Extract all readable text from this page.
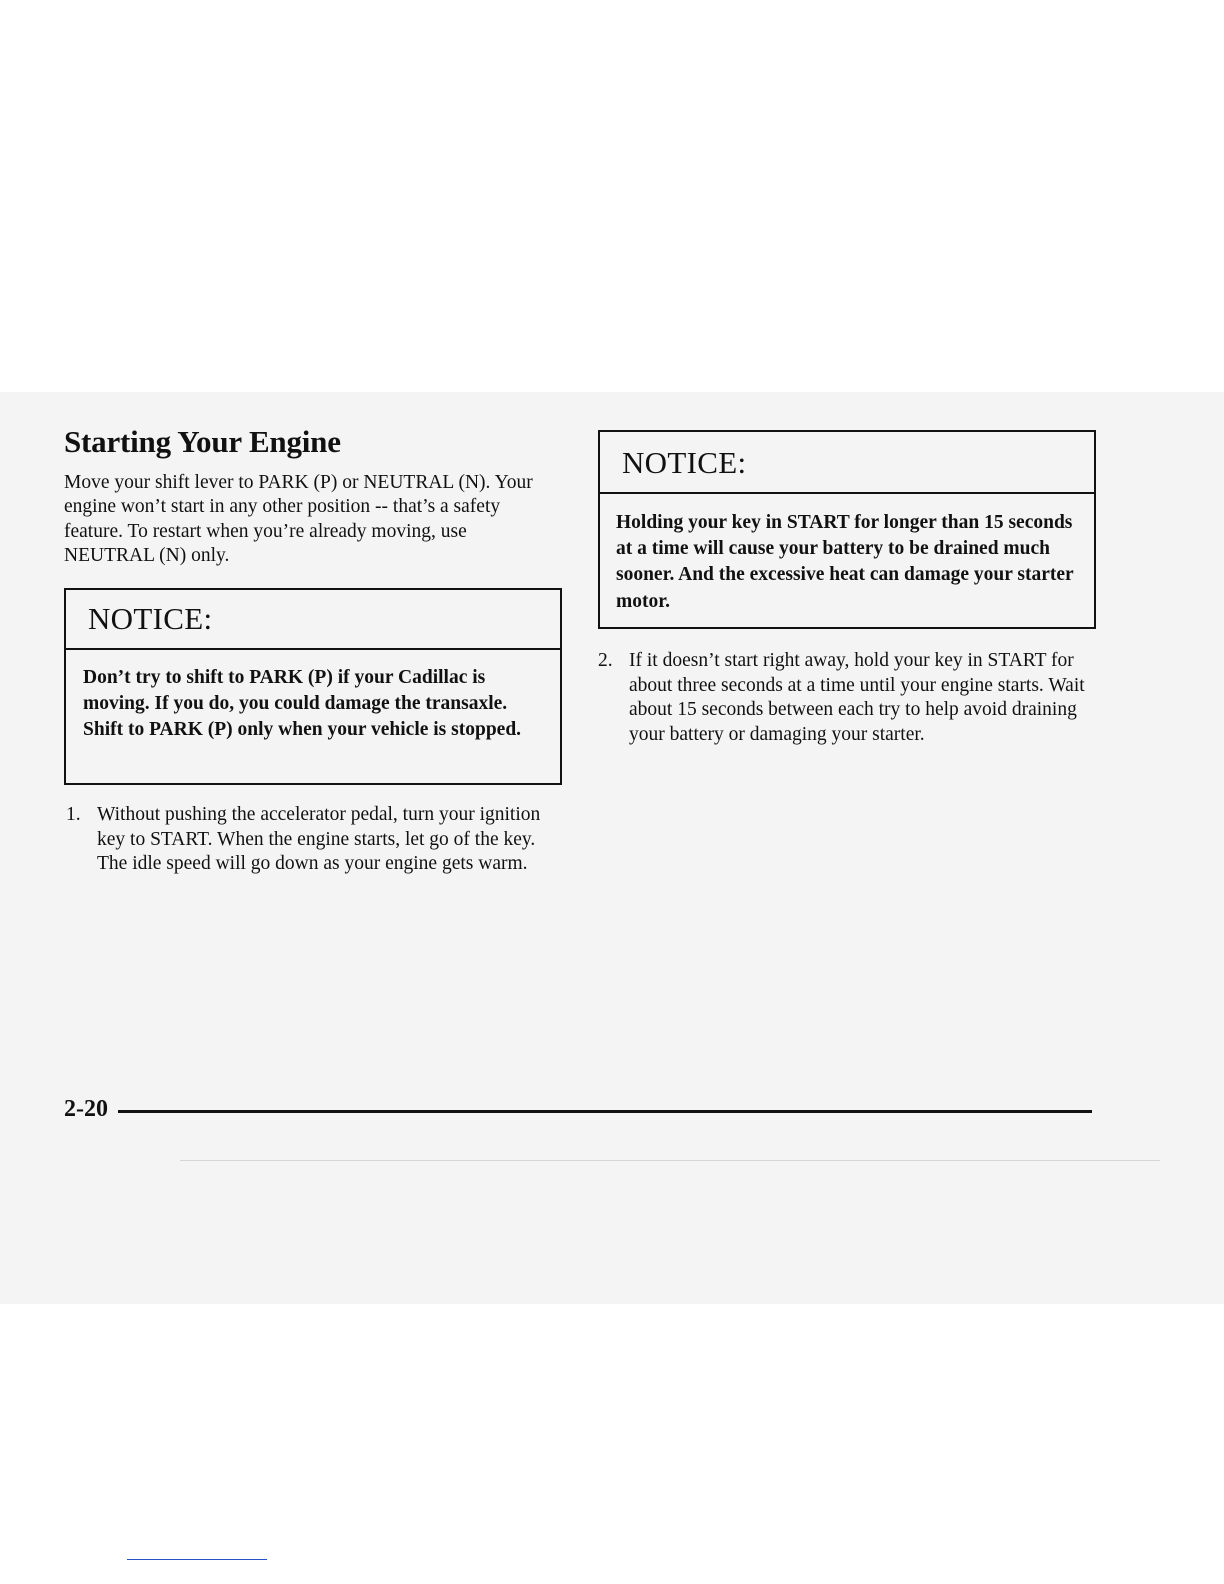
Starting Your Engine

Move your shift lever to PARK (P) or NEUTRAL (N). Your engine won’t start in any other position -- that’s a safety feature. To restart when you’re already moving, use NEUTRAL (N) only.

NOTICE:
Don’t try to shift to PARK (P) if your Cadillac is moving. If you do, you could damage the transaxle. Shift to PARK (P) only when your vehicle is stopped.
1. Without pushing the accelerator pedal, turn your ignition key to START. When the engine starts, let go of the key. The idle speed will go down as your engine gets warm.
NOTICE:
Holding your key in START for longer than 15 seconds at a time will cause your battery to be drained much sooner. And the excessive heat can damage your starter motor.
2. If it doesn’t start right away, hold your key in START for about three seconds at a time until your engine starts. Wait about 15 seconds between each try to help avoid draining your battery or damaging your starter.
2-20
